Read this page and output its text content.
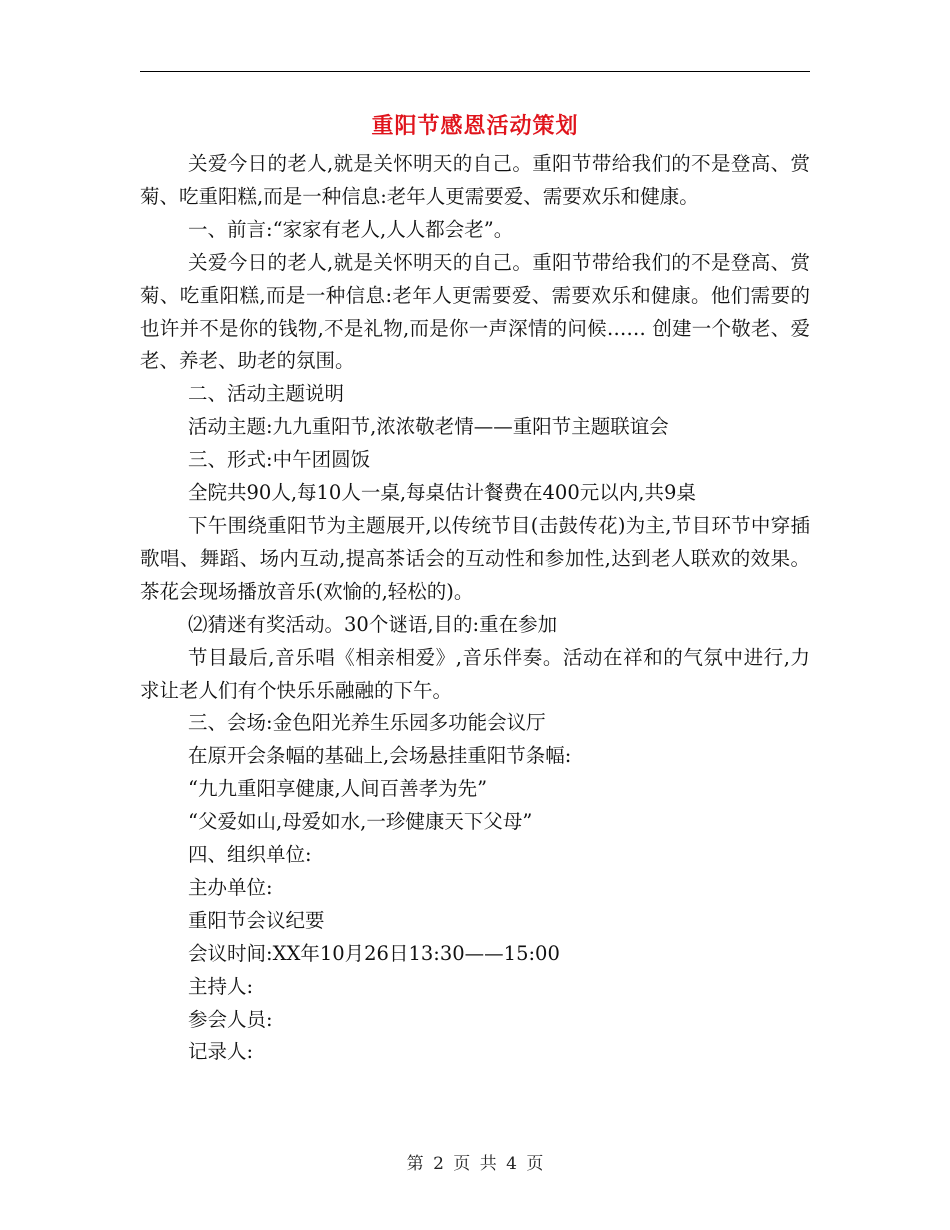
重阳节感恩活动策划

关爱今日的老人,就是关怀明天的自己。重阳节带给我们的不是登高、赏菊、吃重阳糕,而是一种信息:老年人更需要爱、需要欢乐和健康。

一、前言:“家家有老人,人人都会老”。

关爱今日的老人,就是关怀明天的自己。重阳节带给我们的不是登高、赏菊、吃重阳糕,而是一种信息:老年人更需要爱、需要欢乐和健康。他们需要的也许并不是你的钱物,不是礼物,而是你一声深情的问候…… 创建一个敬老、爱老、养老、助老的氛围。

二、活动主题说明

活动主题:九九重阳节,浓浓敬老情——重阳节主题联谊会

三、形式:中午团圆饭

全院共90人,每10人一桌,每桌估计餐费在400元以内,共9桌

下午围绕重阳节为主题展开,以传统节目(击鼓传花)为主,节目环节中穿插歌唱、舞蹈、场内互动,提高茶话会的互动性和参加性,达到老人联欢的效果。茶花会现场播放音乐(欢愉的,轻松的)。

⑵猜迷有奖活动。30个谜语,目的:重在参加

节目最后,音乐唱《相亲相爱》,音乐伴奏。活动在祥和的气氛中进行,力求让老人们有个快乐乐融融的下午。

三、会场:金色阳光养生乐园多功能会议厅

在原开会条幅的基础上,会场悬挂重阳节条幅:

“九九重阳享健康,人间百善孝为先”

“父爱如山,母爱如水,一珍健康天下父母”

四、组织单位:

主办单位:

重阳节会议纪要

会议时间:XX年10月26日13:30——15:00

主持人:

参会人员:

记录人:

第 2 页 共 4 页
